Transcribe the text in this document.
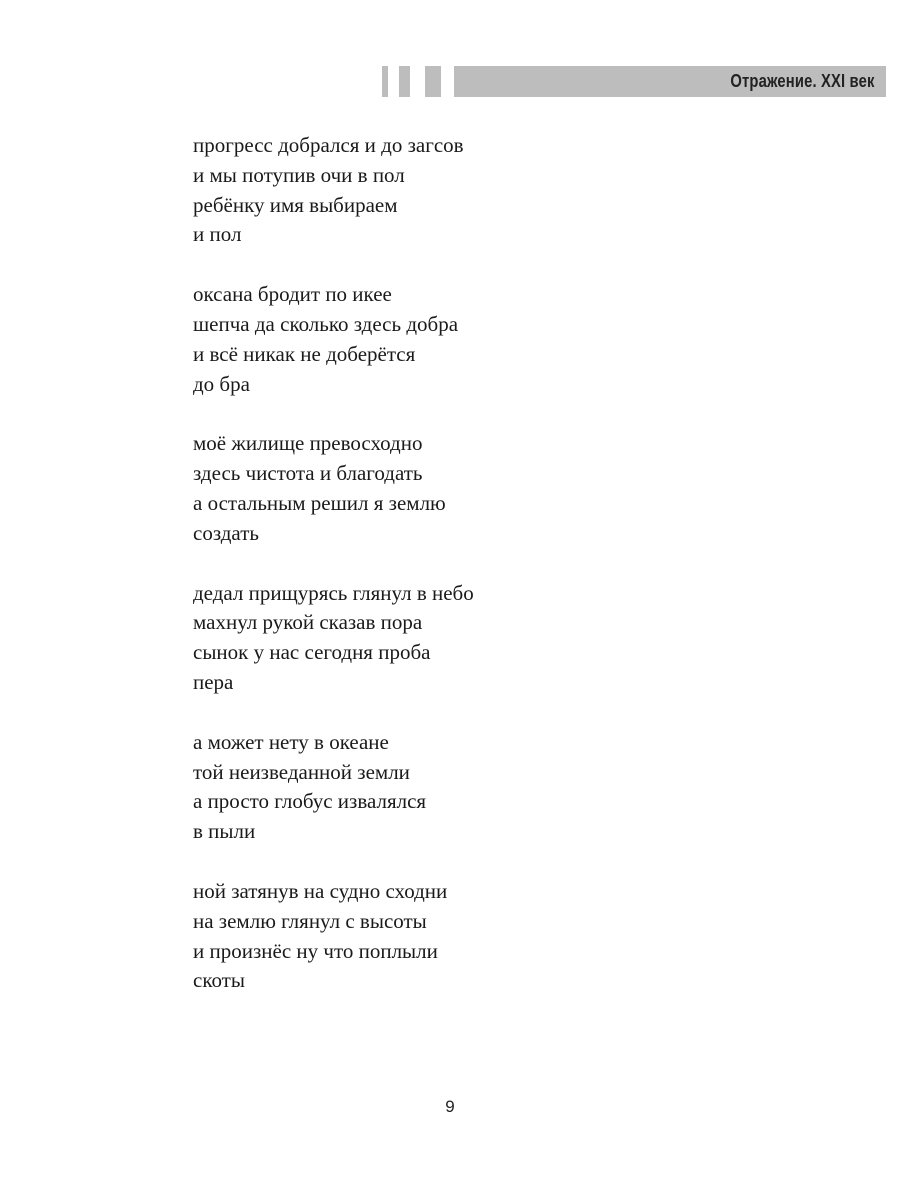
Отражение. XXI век
прогресс добрался и до загсов
и мы потупив очи в пол
ребёнку имя выбираем
и пол
оксана бродит по икее
шепча да сколько здесь добра
и всё никак не доберётся
до бра
моё жилище превосходно
здесь чистота и благодать
а остальным решил я землю
создать
дедал прищурясь глянул в небо
махнул рукой сказав пора
сынок у нас сегодня проба
пера
а может нету в океане
той неизведанной земли
а просто глобус извалялся
в пыли
ной затянув на судно сходни
на землю глянул с высоты
и произнёс ну что поплыли
скоты
9
